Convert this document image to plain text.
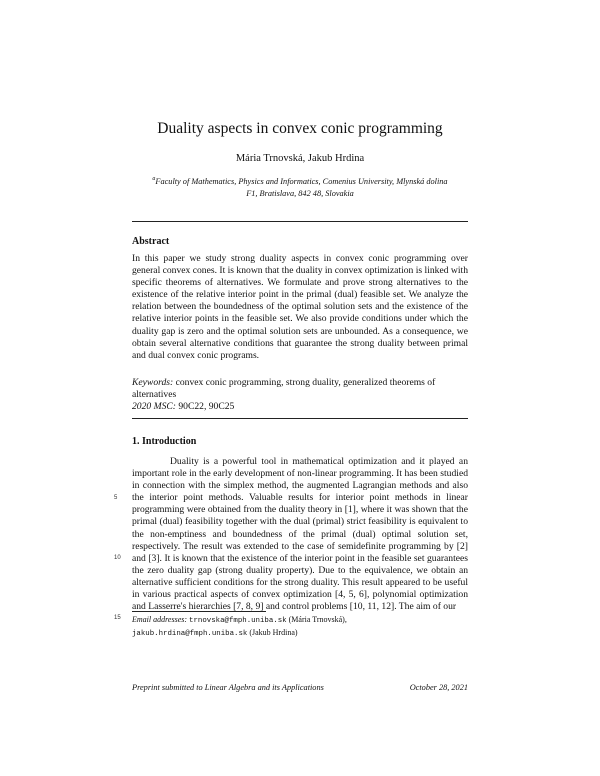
Duality aspects in convex conic programming
Mária Trnovská, Jakub Hrdina
$^a$Faculty of Mathematics, Physics and Informatics, Comenius University, Mlynská dolina
F1, Bratislava, 842 48, Slovakia
Abstract

In this paper we study strong duality aspects in convex conic programming over general convex cones. It is known that the duality in convex optimization is linked with specific theorems of alternatives. We formulate and prove strong alternatives to the existence of the relative interior point in the primal (dual) feasible set. We analyze the relation between the boundedness of the optimal solution sets and the existence of the relative interior points in the feasible set. We also provide conditions under which the duality gap is zero and the optimal solution sets are unbounded. As a consequence, we obtain several alternative conditions that guarantee the strong duality between primal and dual convex conic programs.

Keywords: convex conic programming, strong duality, generalized theorems of alternatives
2020 MSC: 90C22, 90C25
1. Introduction

Duality is a powerful tool in mathematical optimization and it played an important role in the early development of non-linear programming. It has been studied in connection with the simplex method, the augmented Lagrangian methods and also the interior point methods. Valuable results for interior point methods in linear programming were obtained from the duality theory in [1], where it was shown that the primal (dual) feasibility together with the dual (primal) strict feasibility is equivalent to the non-emptiness and boundedness of the primal (dual) optimal solution set, respectively. The result was extended to the case of semidefinite programming by [2] and [3]. It is known that the existence of the interior point in the feasible set guarantees the zero duality gap (strong duality property). Due to the equivalence, we obtain an alternative sufficient conditions for the strong duality. This result appeared to be useful in various practical aspects of convex optimization [4, 5, 6], polynomial optimization and Lasserre's hierarchies [7, 8, 9] and control problems [10, 11, 12]. The aim of our

5
10
15 Email addresses: trnovska@fmph.uniba.sk (Mária Trnovská),
jakub.hrdina@fmph.uniba.sk (Jakub Hrdina)
Preprint submitted to Linear Algebra and its Applications	October 28, 2021
